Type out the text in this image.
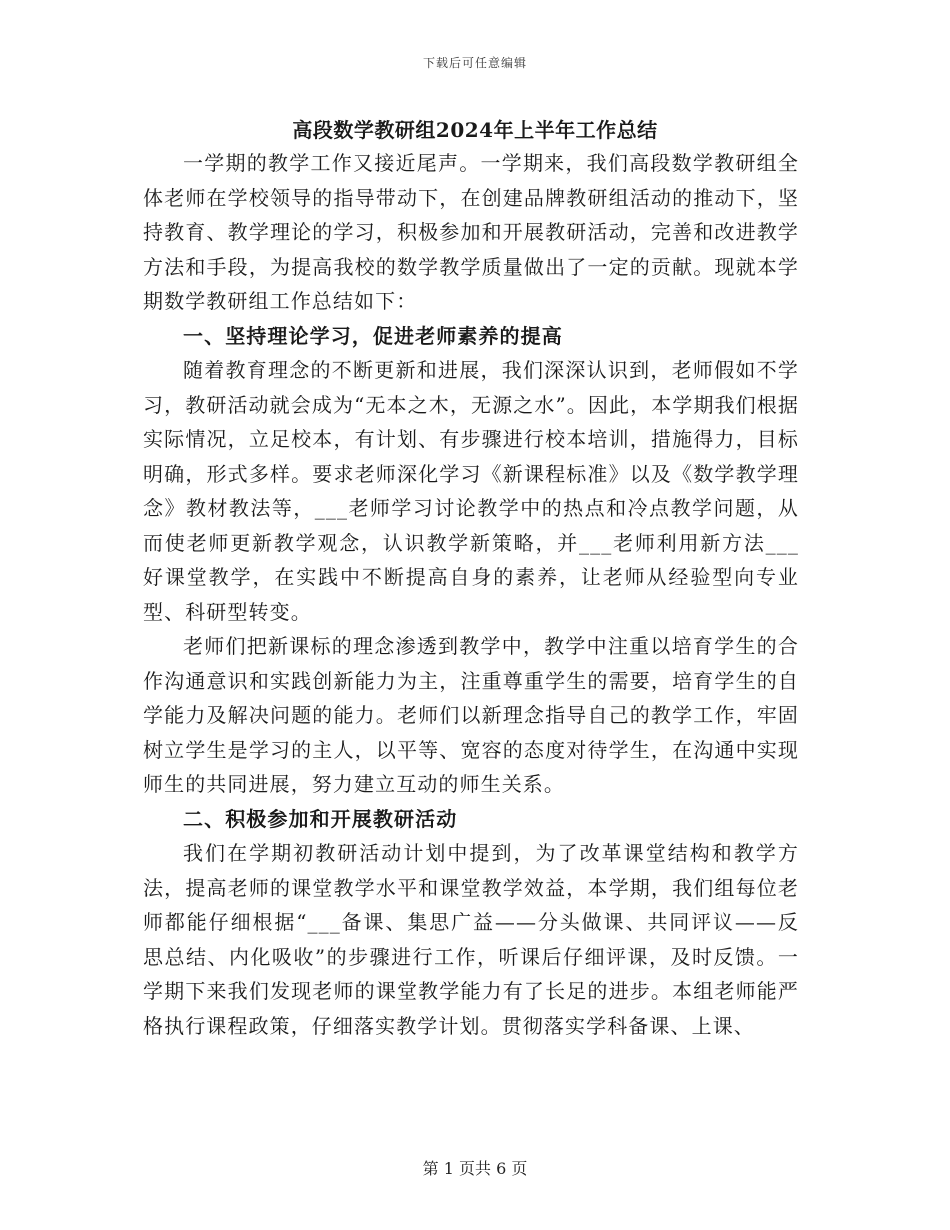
下载后可任意编辑
高段数学教研组2024年上半年工作总结

一学期的教学工作又接近尾声。一学期来，我们高段数学教研组全体老师在学校领导的指导带动下，在创建品牌教研组活动的推动下，坚持教育、教学理论的学习，积极参加和开展教研活动，完善和改进教学方法和手段，为提高我校的数学教学质量做出了一定的贡献。现就本学期数学教研组工作总结如下：

一、坚持理论学习，促进老师素养的提高

随着教育理念的不断更新和进展，我们深深认识到，老师假如不学习，教研活动就会成为“无本之木，无源之水”。因此，本学期我们根据实际情况，立足校本，有计划、有步骤进行校本培训，措施得力，目标明确，形式多样。要求老师深化学习《新课程标准》以及《数学教学理念》教材教法等，___老师学习讨论教学中的热点和冷点教学问题，从而使老师更新教学观念，认识教学新策略，并___老师利用新方法___好课堂教学，在实践中不断提高自身的素养，让老师从经验型向专业型、科研型转变。

老师们把新课标的理念渗透到教学中，教学中注重以培育学生的合作沟通意识和实践创新能力为主，注重尊重学生的需要，培育学生的自学能力及解决问题的能力。老师们以新理念指导自己的教学工作，牢固树立学生是学习的主人，以平等、宽容的态度对待学生，在沟通中实现师生的共同进展，努力建立互动的师生关系。

二、积极参加和开展教研活动

我们在学期初教研活动计划中提到，为了改革课堂结构和教学方法，提高老师的课堂教学水平和课堂教学效益，本学期，我们组每位老师都能仔细根据“___备课、集思广益——分头做课、共同评议——反思总结、内化吸收”的步骤进行工作，听课后仔细评课，及时反馈。一学期下来我们发现老师的课堂教学能力有了长足的进步。本组老师能严格执行课程政策，仔细落实教学计划。贯彻落实学科备课、上课、

第 1 页共 6 页
